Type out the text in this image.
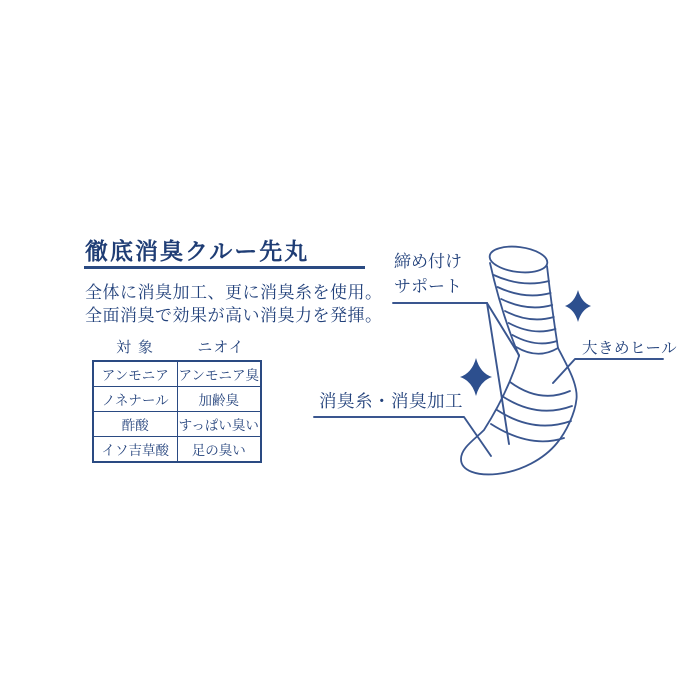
徹底消臭クルー先丸
全体に消臭加工、更に消臭糸を使用。
全面消臭で効果が高い消臭力を発揮。
対 象	ニオイ
アンモニア	アンモニア臭
ノネナール	加齢臭
酢酸	すっぱい臭い
イソ吉草酸	足の臭い
締め付け
サポート
消臭糸・消臭加工
大きめヒール
